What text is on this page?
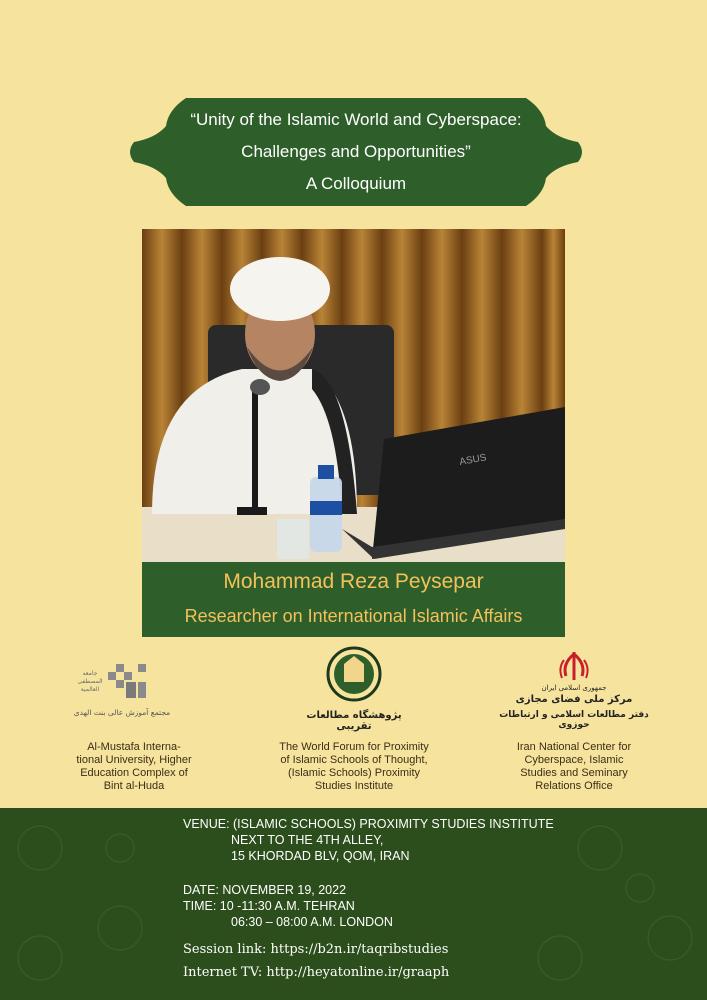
“Unity of the Islamic World and Cyberspace:
Challenges and Opportunities”
A Colloquium
ASUS
Mohammad Reza Peysepar
Researcher on International Islamic Affairs
جامعه المصطفى العالمية
مجتمع آموزش عالی بنت الهدی
Al-Mustafa Interna-
tional University, Higher
Education Complex of
Bint al-Huda
پژوهشگاه مطالعات تقریبی
The World Forum for Proximity
of Islamic Schools of Thought,
(Islamic Schools) Proximity
Studies Institute
جمهوری اسلامی ایران
مرکز ملی فضای مجازی
دفتر مطالعات اسلامی و ارتباطات حوزوی
Iran National Center for
Cyberspace, Islamic
Studies and Seminary
Relations Office
VENUE: (ISLAMIC SCHOOLS) PROXIMITY STUDIES INSTITUTE
NEXT TO THE 4TH ALLEY,
15 KHORDAD BLV, QOM, IRAN
DATE: NOVEMBER 19, 2022
TIME: 10 -11:30 A.M. TEHRAN
06:30 – 08:00 A.M. LONDON
Session link: https://b2n.ir/taqribstudies
Internet TV: http://heyatonline.ir/graaph
